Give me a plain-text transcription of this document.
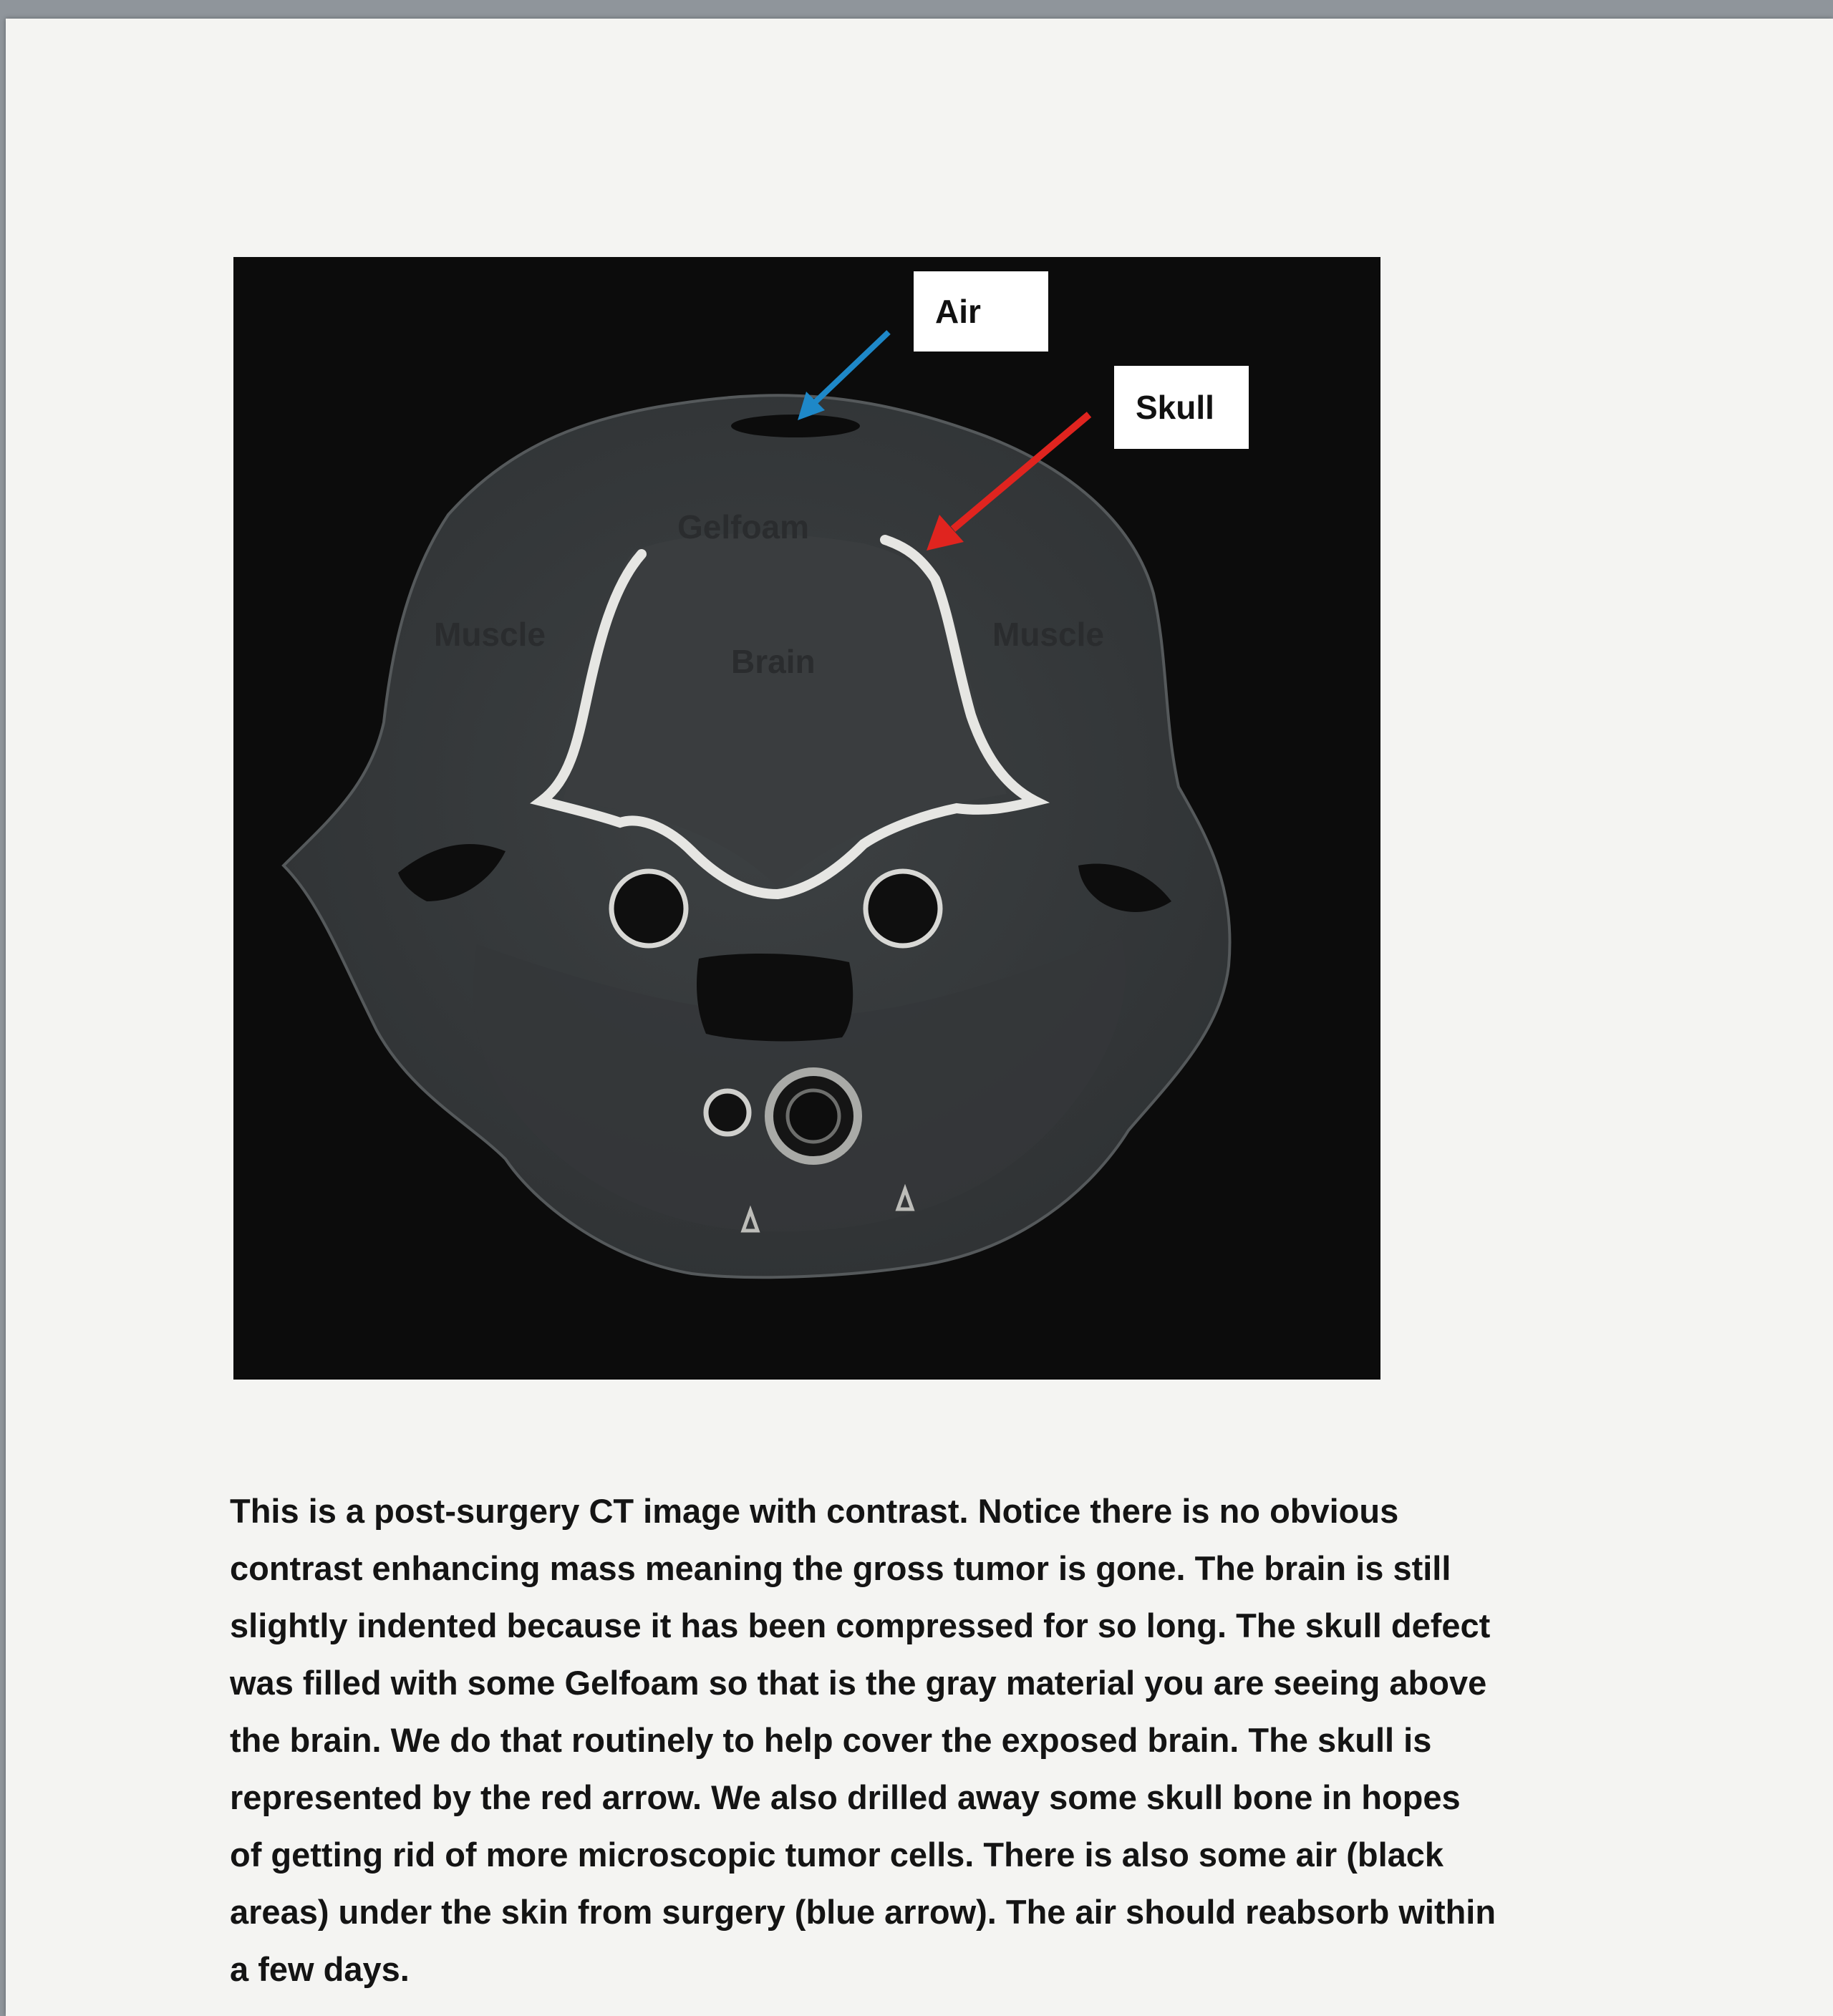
Air
Skull
Gelfoam
Muscle
Brain
Muscle

This is a post-surgery CT image with contrast. Notice there is no obvious
contrast enhancing mass meaning the gross tumor is gone. The brain is still
slightly indented because it has been compressed for so long. The skull defect
was filled with some Gelfoam so that is the gray material you are seeing above
the brain. We do that routinely to help cover the exposed brain. The skull is
represented by the red arrow. We also drilled away some skull bone in hopes
of getting rid of more microscopic tumor cells. There is also some air (black
areas) under the skin from surgery (blue arrow). The air should reabsorb within
a few days.
